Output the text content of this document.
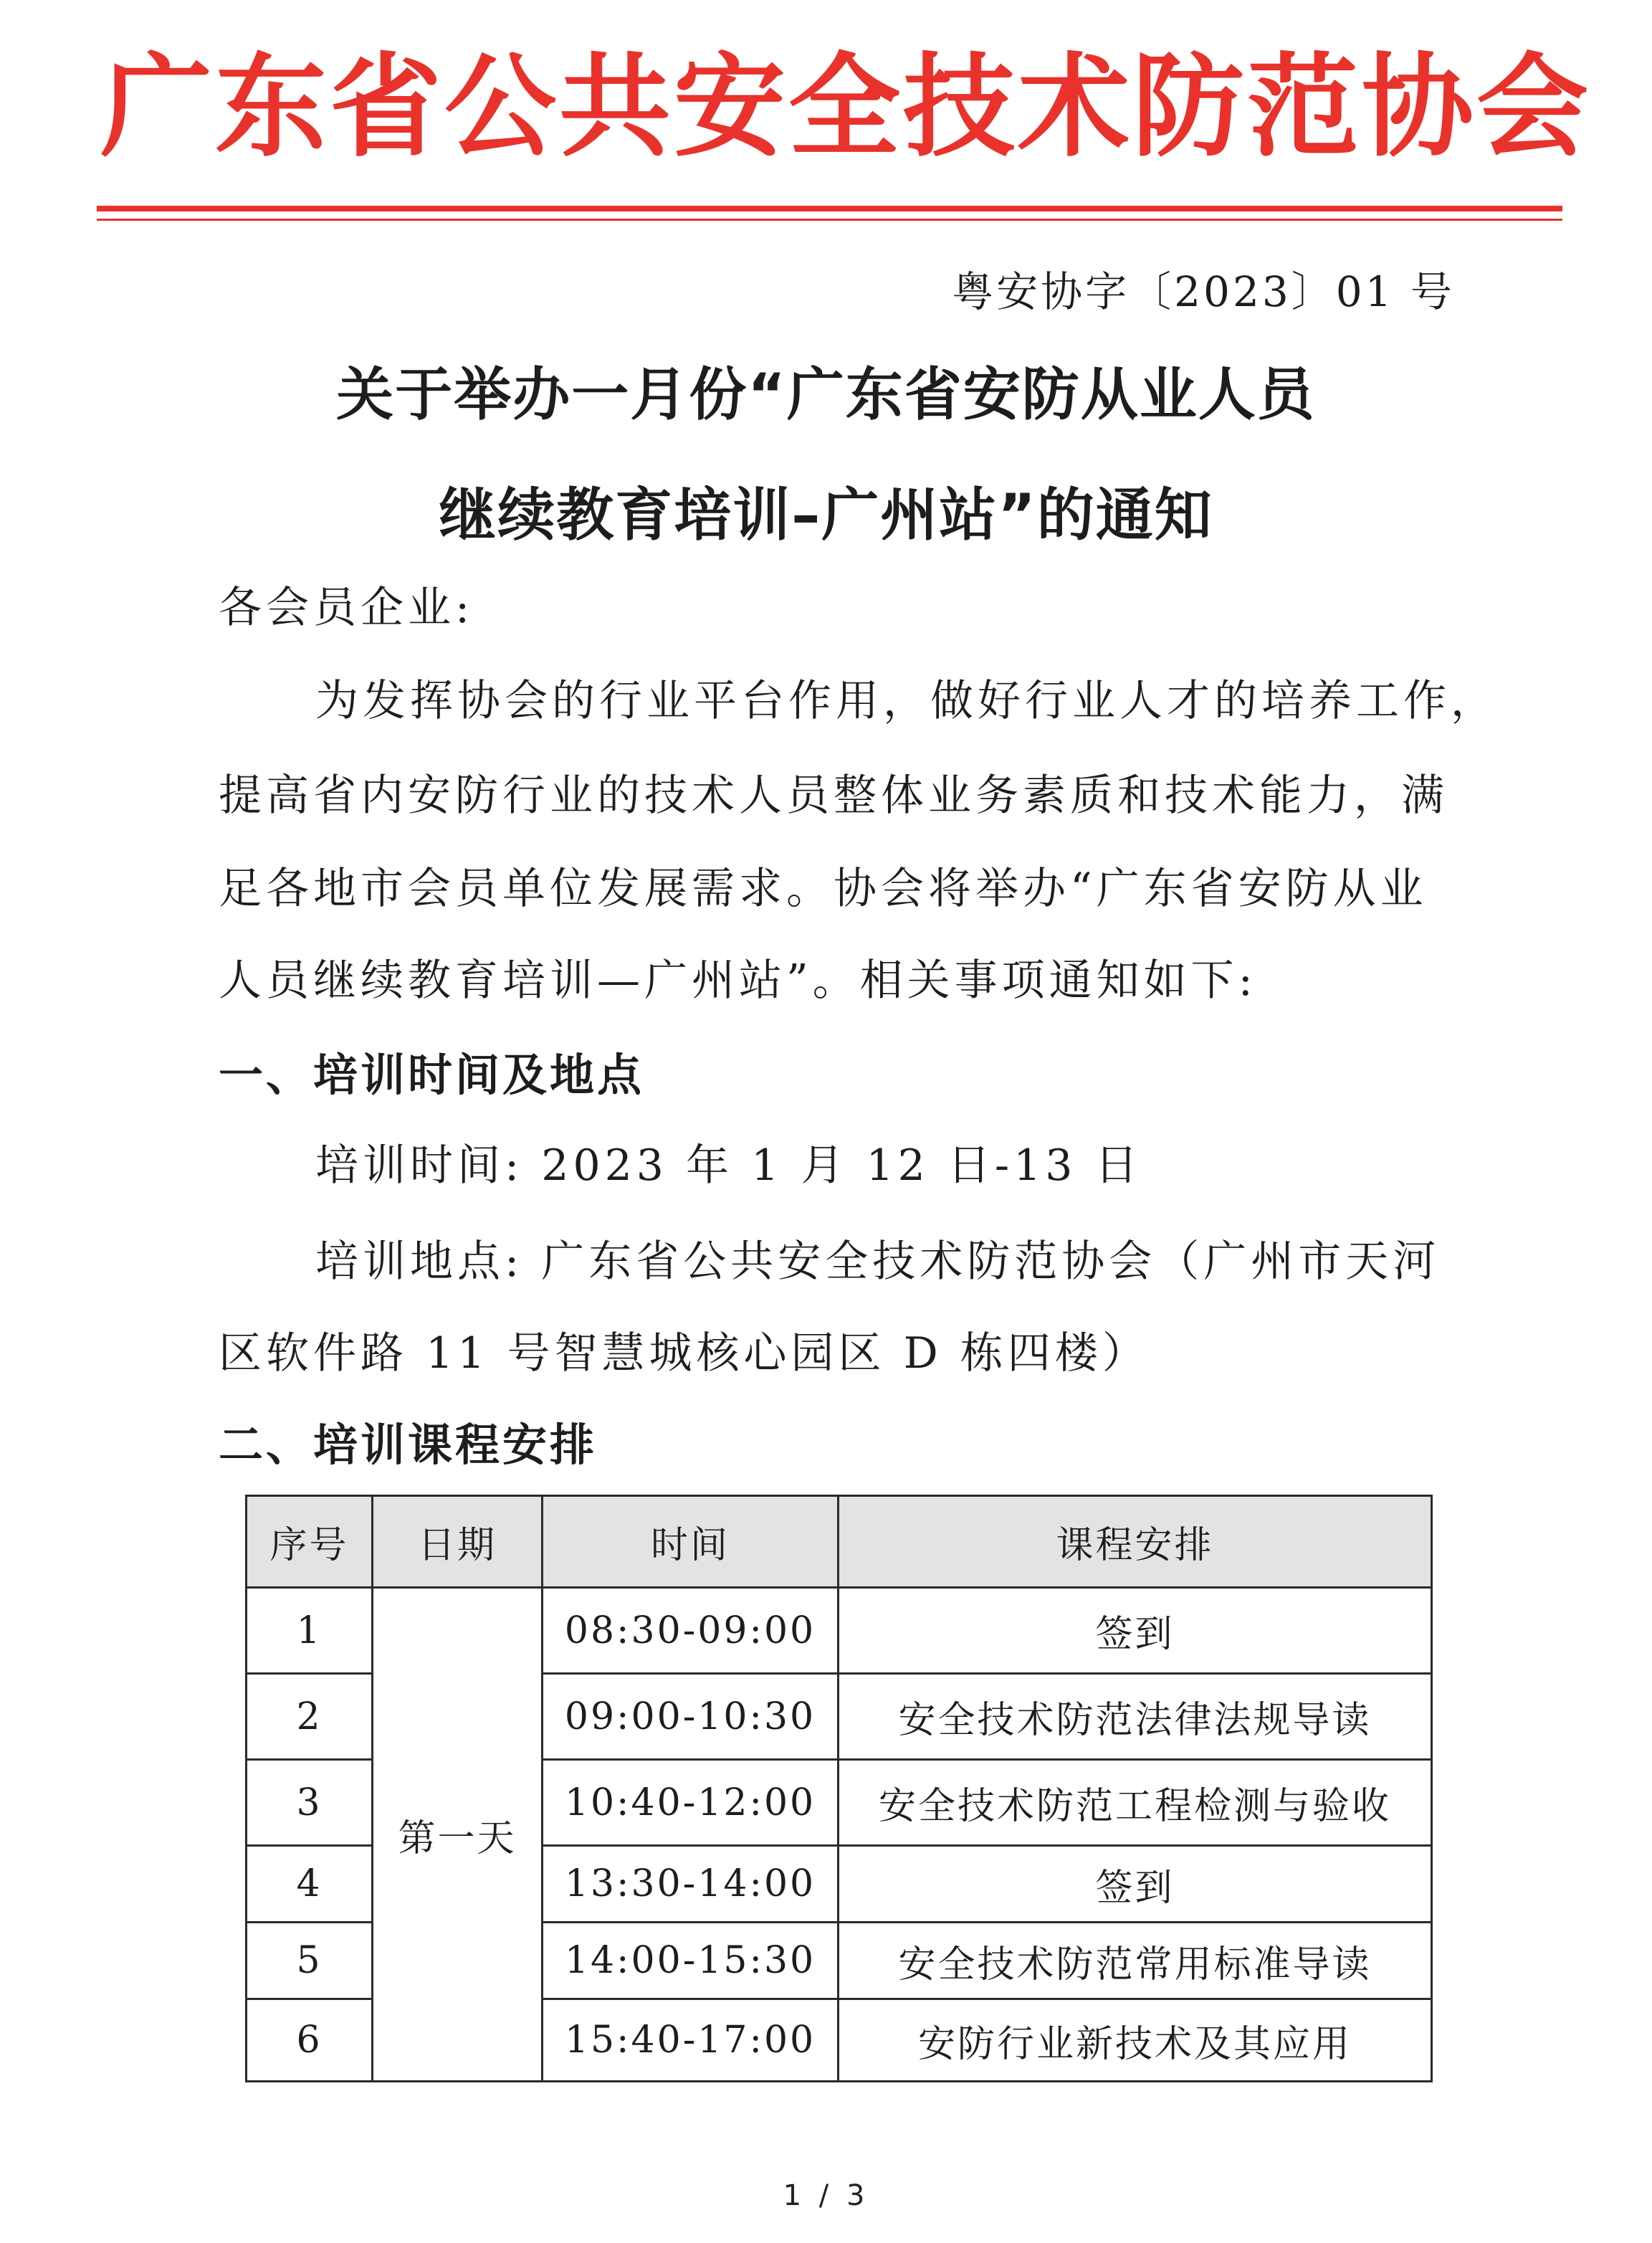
广东省公共安全技术防范协会
粤安协字〔2023〕01 号
关于举办一月份“广东省安防从业人员
继续教育培训–广州站”的通知
各会员企业:
为发挥协会的行业平台作用，做好行业人才的培养工作，
提高省内安防行业的技术人员整体业务素质和技术能力，满
足各地市会员单位发展需求。协会将举办“广东省安防从业
人员继续教育培训—广州站”。相关事项通知如下:
一、培训时间及地点
培训时间: 2023 年 1 月 12 日-13 日
培训地点: 广东省公共安全技术防范协会（广州市天河
区软件路 11 号智慧城核心园区 D 栋四楼）
二、培训课程安排
序号	日期	时间	课程安排
1	第一天	08:30-09:00	签到
2		09:00-10:30	安全技术防范法律法规导读
3		10:40-12:00	安全技术防范工程检测与验收
4		13:30-14:00	签到
5		14:00-15:30	安全技术防范常用标准导读
6		15:40-17:00	安防行业新技术及其应用
1 / 3
